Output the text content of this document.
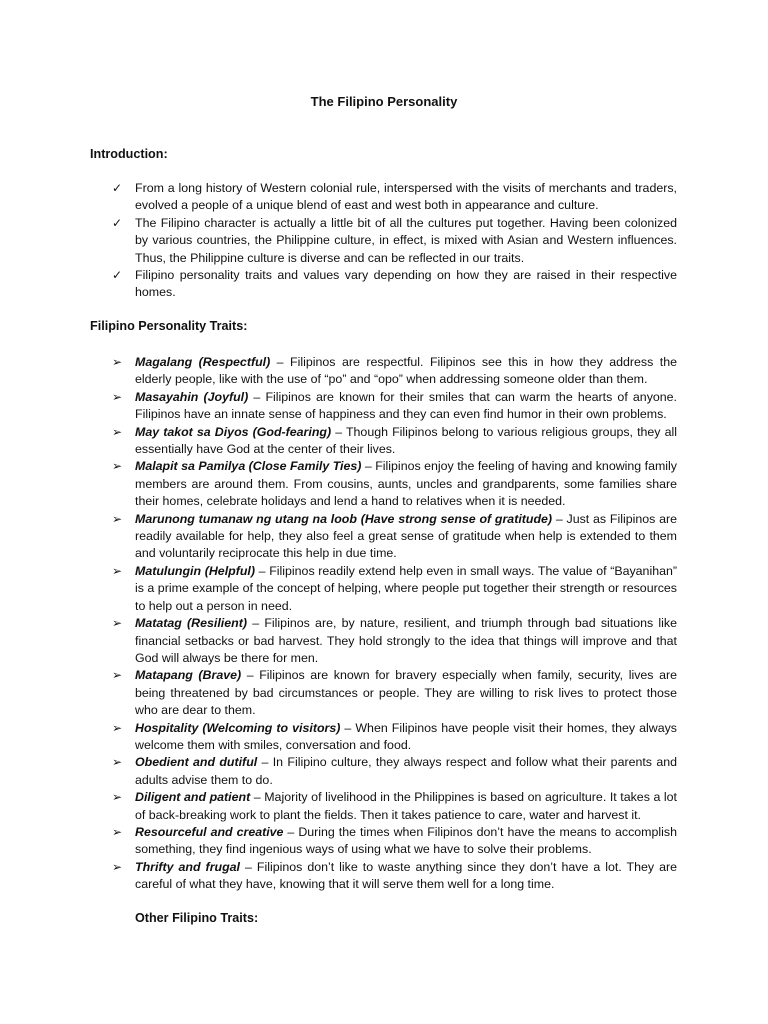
The Filipino Personality
Introduction:
✓ From a long history of Western colonial rule, interspersed with the visits of merchants and traders, evolved a people of a unique blend of east and west both in appearance and culture.
✓ The Filipino character is actually a little bit of all the cultures put together. Having been colonized by various countries, the Philippine culture, in effect, is mixed with Asian and Western influences. Thus, the Philippine culture is diverse and can be reflected in our traits.
✓ Filipino personality traits and values vary depending on how they are raised in their respective homes.
Filipino Personality Traits:
➢ Magalang (Respectful) – Filipinos are respectful. Filipinos see this in how they address the elderly people, like with the use of “po” and “opo” when addressing someone older than them.
➢ Masayahin (Joyful) – Filipinos are known for their smiles that can warm the hearts of anyone. Filipinos have an innate sense of happiness and they can even find humor in their own problems.
➢ May takot sa Diyos (God-fearing) – Though Filipinos belong to various religious groups, they all essentially have God at the center of their lives.
➢ Malapit sa Pamilya (Close Family Ties) – Filipinos enjoy the feeling of having and knowing family members are around them. From cousins, aunts, uncles and grandparents, some families share their homes, celebrate holidays and lend a hand to relatives when it is needed.
➢ Marunong tumanaw ng utang na loob (Have strong sense of gratitude) – Just as Filipinos are readily available for help, they also feel a great sense of gratitude when help is extended to them and voluntarily reciprocate this help in due time.
➢ Matulungin (Helpful) – Filipinos readily extend help even in small ways. The value of “Bayanihan” is a prime example of the concept of helping, where people put together their strength or resources to help out a person in need.
➢ Matatag (Resilient) – Filipinos are, by nature, resilient, and triumph through bad situations like financial setbacks or bad harvest. They hold strongly to the idea that things will improve and that God will always be there for men.
➢ Matapang (Brave) – Filipinos are known for bravery especially when family, security, lives are being threatened by bad circumstances or people. They are willing to risk lives to protect those who are dear to them.
➢ Hospitality (Welcoming to visitors) – When Filipinos have people visit their homes, they always welcome them with smiles, conversation and food.
➢ Obedient and dutiful – In Filipino culture, they always respect and follow what their parents and adults advise them to do.
➢ Diligent and patient – Majority of livelihood in the Philippines is based on agriculture. It takes a lot of back-breaking work to plant the fields. Then it takes patience to care, water and harvest it.
➢ Resourceful and creative – During the times when Filipinos don’t have the means to accomplish something, they find ingenious ways of using what we have to solve their problems.
➢ Thrifty and frugal – Filipinos don’t like to waste anything since they don’t have a lot. They are careful of what they have, knowing that it will serve them well for a long time.
Other Filipino Traits:
